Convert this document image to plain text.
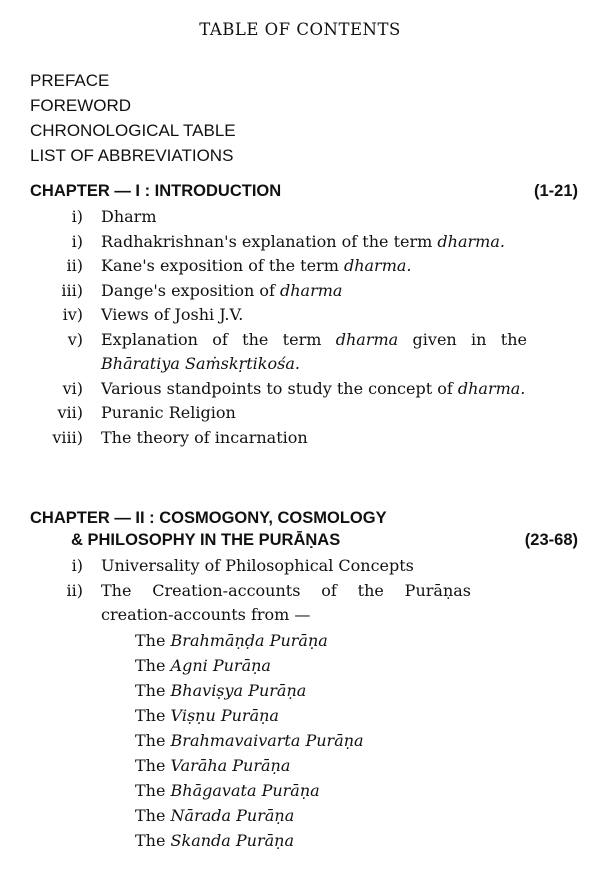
TABLE OF CONTENTS
PREFACE
FOREWORD
CHRONOLOGICAL TABLE
LIST OF ABBREVIATIONS
CHAPTER — I : INTRODUCTION	(1-21)
i)	Dharm
i)	Radhakrishnan's explanation of the term dharma.
ii)	Kane's exposition of the term dharma.
iii)	Dange's exposition of dharma
iv)	Views of Joshi J.V.
v)	Explanation of the term dharma given in the Bhāratiya Saṁskṛtikośa.
vi)	Various standpoints to study the concept of dharma.
vii)	Puranic Religion
viii)	The theory of incarnation
CHAPTER — II : COSMOGONY, COSMOLOGY
& PHILOSOPHY IN THE PURĀṆAS	(23-68)
i)	Universality of Philosophical Concepts
ii)	The Creation-accounts of the Purāṇas creation-accounts from —
The Brahmāṇḍa Purāṇa
The Agni Purāṇa
The Bhaviṣya Purāṇa
The Viṣṇu Purāṇa
The Brahmavaivarta Purāṇa
The Varāha Purāṇa
The Bhāgavata Purāṇa
The Nārada Purāṇa
The Skanda Purāṇa
